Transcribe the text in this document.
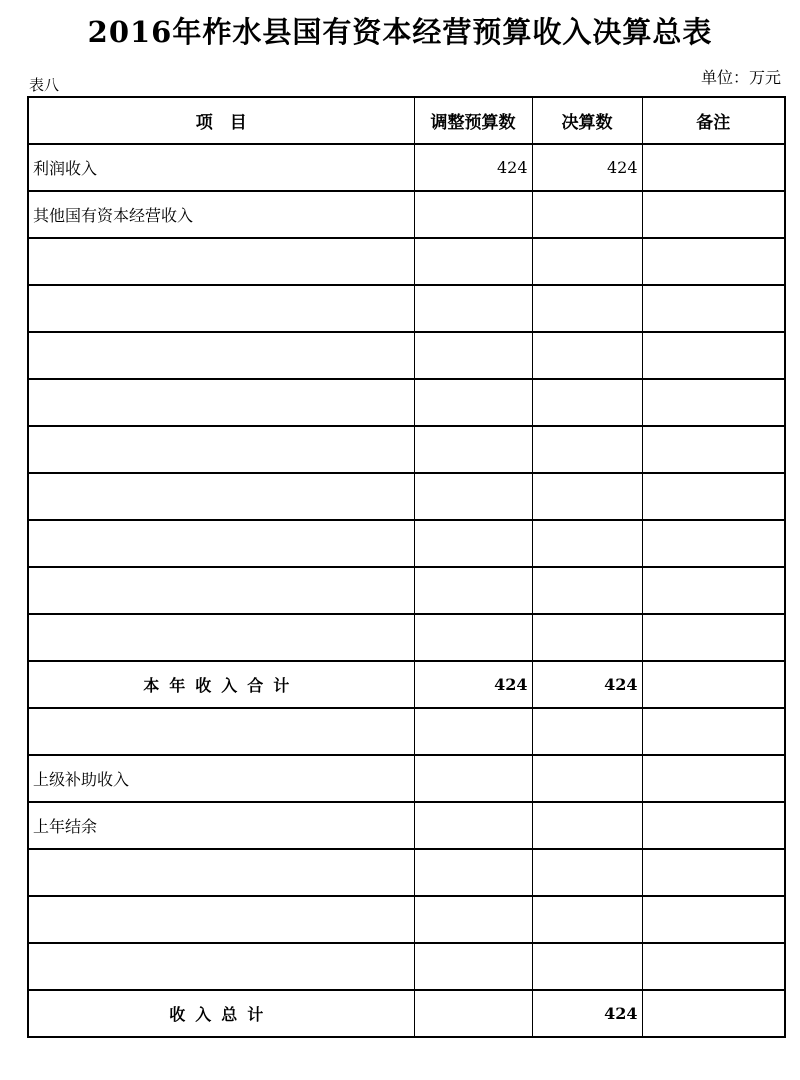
2016年柞水县国有资本经营预算收入决算总表
表八	单位：万元
项　目	调整预算数	决算数	备注
利润收入	424	424	
其他国有资本经营收入			

本年收入合计	424	424	

上级补助收入			
上年结余			

收入总计		424	
